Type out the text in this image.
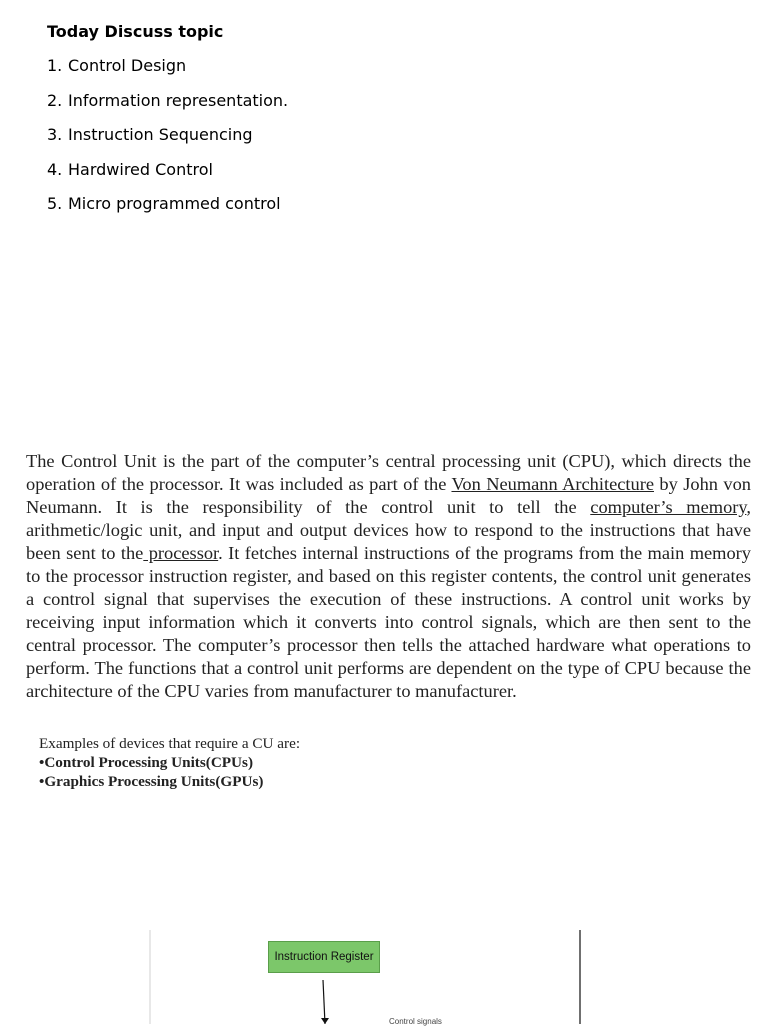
Today Discuss topic

1. Control Design
2. Information representation.
3. Instruction Sequencing
4. Hardwired Control
5. Micro programmed control

The Control Unit is the part of the computer’s central processing unit (CPU), which directs the operation of the processor. It was included as part of the Von Neumann Architecture by John von Neumann. It is the responsibility of the control unit to tell the computer’s memory, arithmetic/logic unit, and input and output devices how to respond to the instructions that have been sent to the processor. It fetches internal instructions of the programs from the main memory to the processor instruction register, and based on this register contents, the control unit generates a control signal that supervises the execution of these instructions. A control unit works by receiving input information which it converts into control signals, which are then sent to the central processor. The computer’s processor then tells the attached hardware what operations to perform. The functions that a control unit performs are dependent on the type of CPU because the architecture of the CPU varies from manufacturer to manufacturer.

Examples of devices that require a CU are:
•Control Processing Units(CPUs)
•Graphics Processing Units(GPUs)
Instruction Register
Control signals
